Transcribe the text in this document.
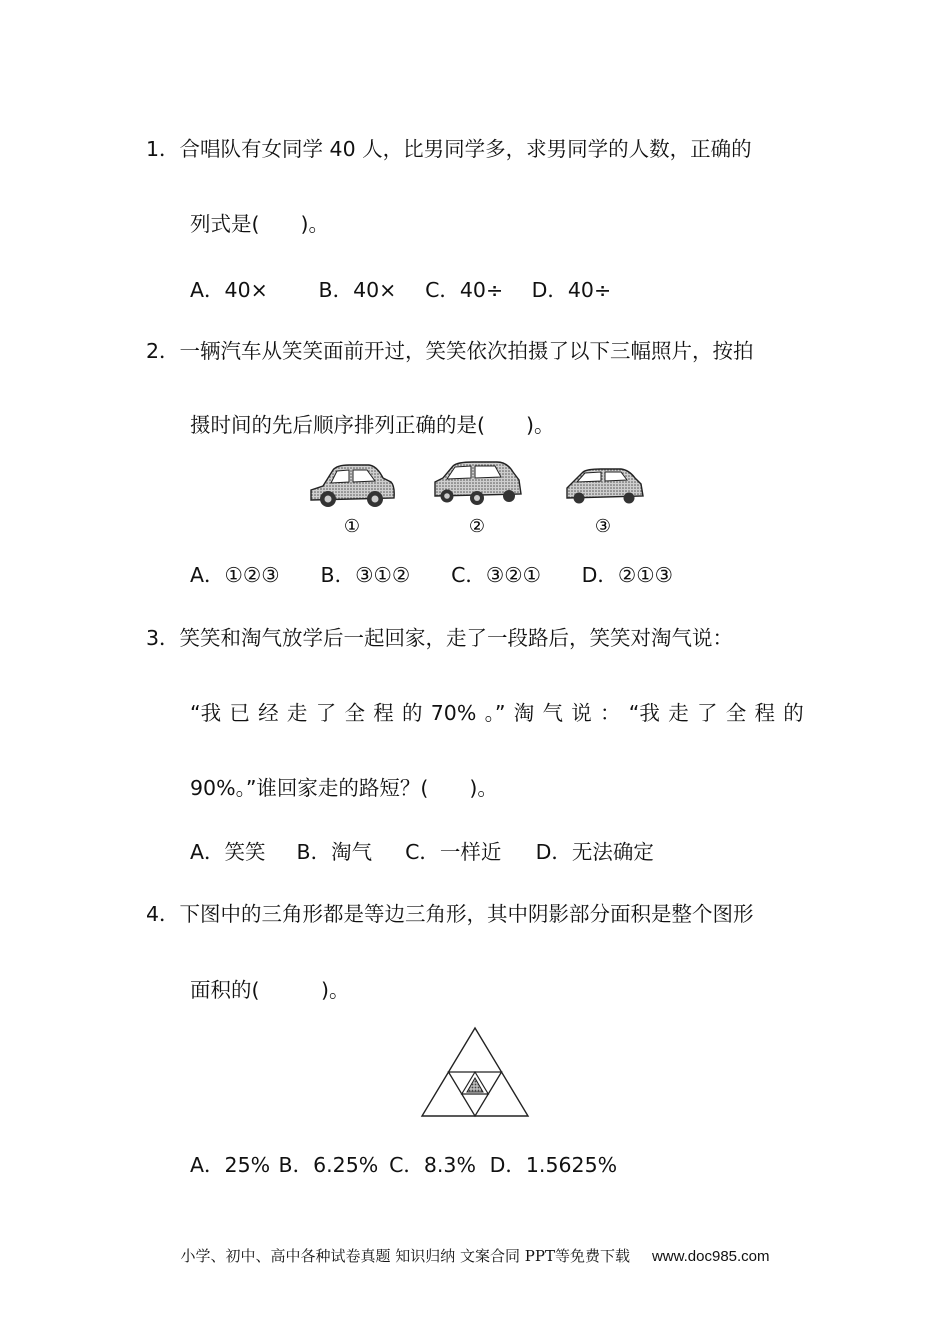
1．合唱队有女同学 40 人，比男同学多，求男同学的人数，正确的
列式是(　　)。
A．40× B．40× C．40÷ D．40÷
2．一辆汽车从笑笑面前开过，笑笑依次拍摄了以下三幅照片，按拍
摄时间的先后顺序排列正确的是(　　)。
①	②	③
A．①②③ B．③①② C．③②① D．②①③
3．笑笑和淘气放学后一起回家，走了一段路后，笑笑对淘气说：
“我 已 经 走 了 全 程 的 70% 。” 淘 气 说 ： “我 走 了 全 程 的
90%。”谁回家走的路短？(　　)。
A．笑笑 B．淘气 C．一样近 D．无法确定
4．下图中的三角形都是等边三角形，其中阴影部分面积是整个图形
面积的(　　　)。
A．25% B．6.25% C．8.3% D．1.5625%
小学、初中、高中各种试卷真题 知识归纳 文案合同 PPT等免费下载 www.doc985.com
